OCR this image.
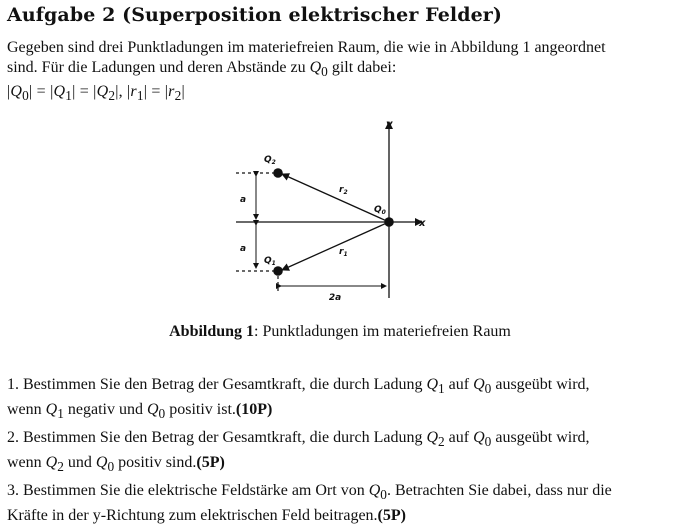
Aufgabe 2 (Superposition elektrischer Felder)

Gegeben sind drei Punktladungen im materiefreien Raum, die wie in Abbildung 1 angeordnet

sind. Für die Ladungen und deren Abstände zu $Q_0$ gilt dabei:

$|Q_0| = |Q_1| = |Q_2|$, $|r_1| = |r_2|$

y
x
$Q_2$
$Q_1$
$Q_0$
$r_2$
$r_1$
a
a
2a
Abbildung 1: Punktladungen im materiefreien Raum
1. Bestimmen Sie den Betrag der Gesamtkraft, die durch Ladung $Q_1$ auf $Q_0$ ausgeübt wird,
wenn $Q_1$ negativ und $Q_0$ positiv ist.(10P)
2. Bestimmen Sie den Betrag der Gesamtkraft, die durch Ladung $Q_2$ auf $Q_0$ ausgeübt wird,
wenn $Q_2$ und $Q_0$ positiv sind.(5P)
3. Bestimmen Sie die elektrische Feldstärke am Ort von $Q_0$. Betrachten Sie dabei, dass nur die
Kräfte in der y-Richtung zum elektrischen Feld beitragen.(5P)
